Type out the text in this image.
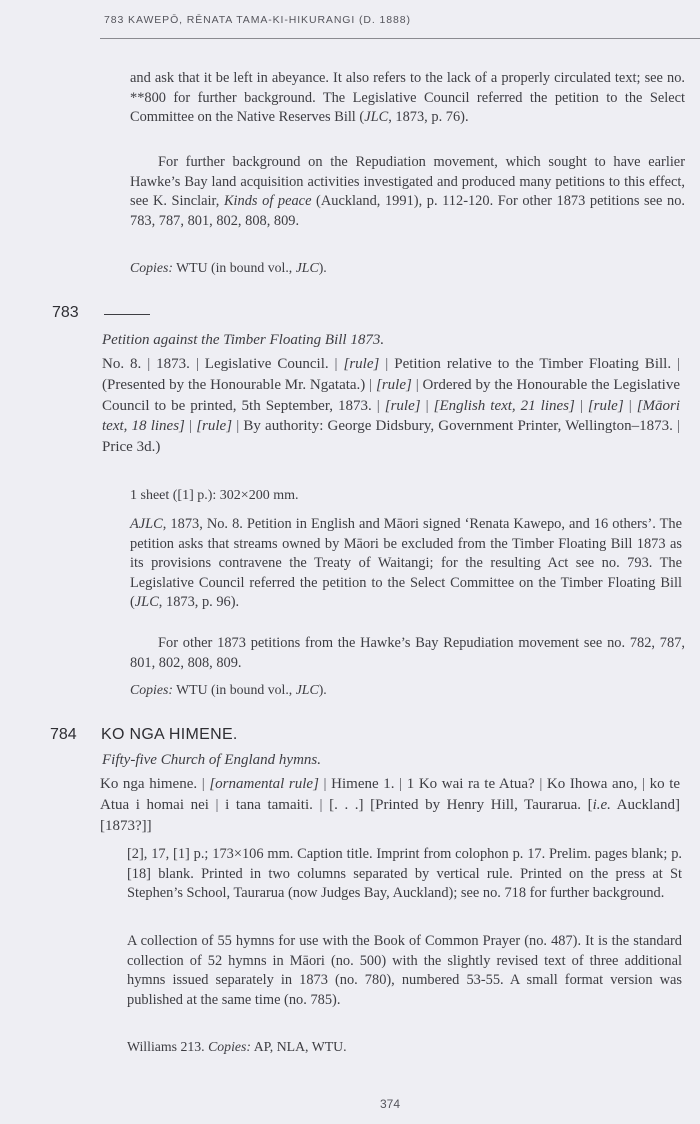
783 KAWEPŌ, RĒNATA TAMA-KI-HIKURANGI (D. 1888)

and ask that it be left in abeyance. It also refers to the lack of a properly circulated text; see no. **800 for further background. The Legislative Council referred the petition to the Select Committee on the Native Reserves Bill (JLC, 1873, p. 76).

For further background on the Repudiation movement, which sought to have earlier Hawke’s Bay land acquisition activities investigated and produced many petitions to this effect, see K. Sinclair, Kinds of peace (Auckland, 1991), p. 112-120. For other 1873 petitions see no. 783, 787, 801, 802, 808, 809.

Copies: WTU (in bound vol., JLC).

783
Petition against the Timber Floating Bill 1873.

No. 8. | 1873. | Legislative Council. | [rule] | Petition relative to the Timber Floating Bill. | (Presented by the Honourable Mr. Ngatata.) | [rule] | Ordered by the Honourable the Legislative Council to be printed, 5th September, 1873. | [rule] | [English text, 21 lines] | [rule] | [Māori text, 18 lines] | [rule] | By authority: George Didsbury, Government Printer, Wellington–1873. | Price 3d.)

1 sheet ([1] p.): 302×200 mm.

AJLC, 1873, No. 8. Petition in English and Māori signed ‘Renata Kawepo, and 16 others’. The petition asks that streams owned by Māori be excluded from the Timber Floating Bill 1873 as its provisions contravene the Treaty of Waitangi; for the resulting Act see no. 793. The Legislative Council referred the petition to the Select Committee on the Timber Floating Bill (JLC, 1873, p. 96).

For other 1873 petitions from the Hawke’s Bay Repudiation movement see no. 782, 787, 801, 802, 808, 809.

Copies: WTU (in bound vol., JLC).

784 KO NGA HIMENE.
Fifty-five Church of England hymns.

Ko nga himene. | [ornamental rule] | Himene 1. | 1 Ko wai ra te Atua? | Ko Ihowa ano, | ko te Atua i homai nei | i tana tamaiti. | [. . .] [Printed by Henry Hill, Taurarua. [i.e. Auckland] [1873?]]

[2], 17, [1] p.; 173×106 mm. Caption title. Imprint from colophon p. 17. Prelim. pages blank; p. [18] blank. Printed in two columns separated by vertical rule. Printed on the press at St Stephen’s School, Taurarua (now Judges Bay, Auckland); see no. 718 for further background.

A collection of 55 hymns for use with the Book of Common Prayer (no. 487). It is the standard collection of 52 hymns in Māori (no. 500) with the slightly revised text of three additional hymns issued separately in 1873 (no. 780), numbered 53-55. A small format version was published at the same time (no. 785).

Williams 213. Copies: AP, NLA, WTU.

374
